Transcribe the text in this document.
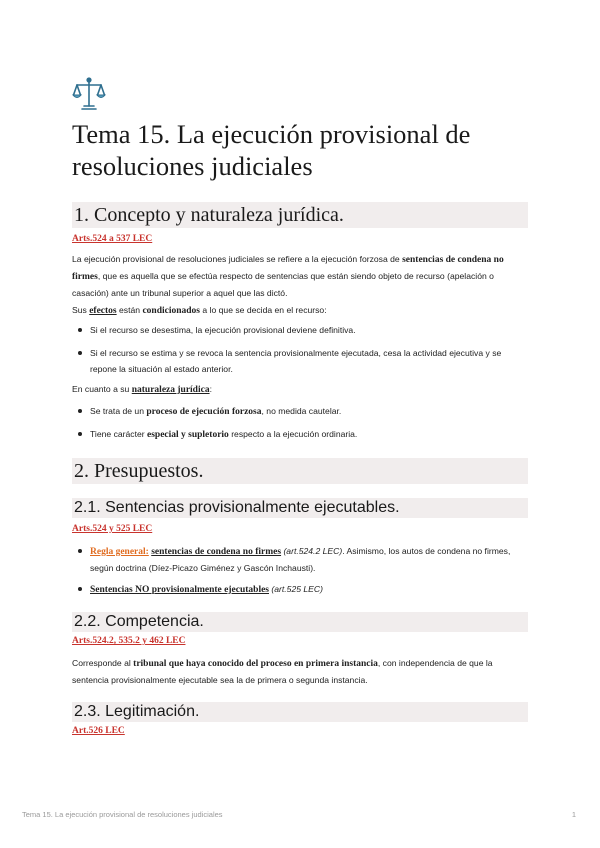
Tema 15. La ejecución provisional de resoluciones judiciales
1. Concepto y naturaleza jurídica.
Arts.524 a 537 LEC
La ejecución provisional de resoluciones judiciales se refiere a la ejecución forzosa de sentencias de condena no firmes, que es aquella que se efectúa respecto de sentencias que están siendo objeto de recurso (apelación o casación) ante un tribunal superior a aquel que las dictó.
Sus efectos están condicionados a lo que se decida en el recurso:
Si el recurso se desestima, la ejecución provisional deviene definitiva.
Si el recurso se estima y se revoca la sentencia provisionalmente ejecutada, cesa la actividad ejecutiva y se repone la situación al estado anterior.
En cuanto a su naturaleza jurídica:
Se trata de un proceso de ejecución forzosa, no medida cautelar.
Tiene carácter especial y supletorio respecto a la ejecución ordinaria.
2. Presupuestos.
2.1. Sentencias provisionalmente ejecutables.
Arts.524 y 525 LEC
Regla general: sentencias de condena no firmes (art.524.2 LEC). Asimismo, los autos de condena no firmes, según doctrina (Díez-Picazo Giménez y Gascón Inchausti).
Sentencias NO provisionalmente ejecutables (art.525 LEC)
2.2. Competencia.
Arts.524.2, 535.2 y 462 LEC
Corresponde al tribunal que haya conocido del proceso en primera instancia, con independencia de que la sentencia provisionalmente ejecutable sea la de primera o segunda instancia.
2.3. Legitimación.
Art.526 LEC
Tema 15. La ejecución provisional de resoluciones judiciales	1
